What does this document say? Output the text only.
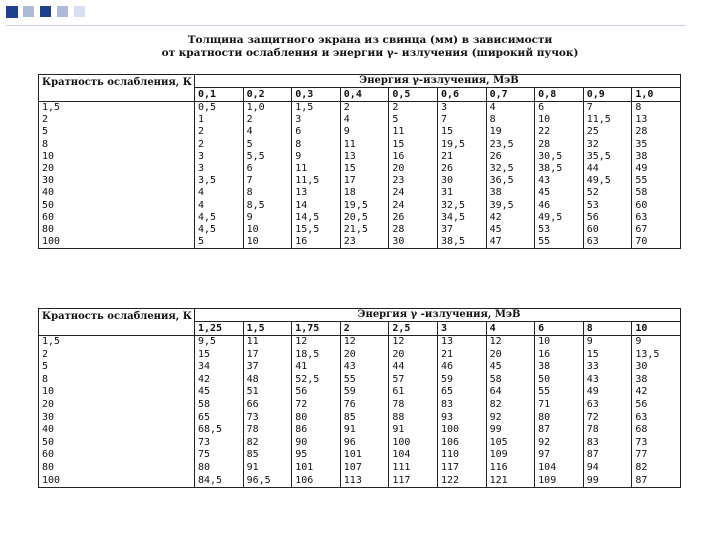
Толщина защитного экрана из свинца (мм) в зависимости
от кратности ослабления и энергии γ- излучения (широкий пучок)
Кратность ослабления, К	Энергия γ-излучения, МэВ									
	0,1	0,2	0,3	0,4	0,5	0,6	0,7	0,8	0,9	1,0
1,5	0,5	1,0	1,5	2	2	3	4	6	7	8
2	1	2	3	4	5	7	8	10	11,5	13
5	2	4	6	9	11	15	19	22	25	28
8	2	5	8	11	15	19,5	23,5	28	32	35
10	3	5,5	9	13	16	21	26	30,5	35,5	38
20	3	6	11	15	20	26	32,5	38,5	44	49
30	3,5	7	11,5	17	23	30	36,5	43	49,5	55
40	4	8	13	18	24	31	38	45	52	58
50	4	8,5	14	19,5	24	32,5	39,5	46	53	60
60	4,5	9	14,5	20,5	26	34,5	42	49,5	56	63
80	4,5	10	15,5	21,5	28	37	45	53	60	67
100	5	10	16	23	30	38,5	47	55	63	70
Кратность ослабления, К	Энергия γ -излучения, МэВ									
	1,25	1,5	1,75	2	2,5	3	4	6	8	10
1,5	9,5	11	12	12	12	13	12	10	9	9
2	15	17	18,5	20	20	21	20	16	15	13,5
5	34	37	41	43	44	46	45	38	33	30
8	42	48	52,5	55	57	59	58	50	43	38
10	45	51	56	59	61	65	64	55	49	42
20	58	66	72	76	78	83	82	71	63	56
30	65	73	80	85	88	93	92	80	72	63
40	68,5	78	86	91	91	100	99	87	78	68
50	73	82	90	96	100	106	105	92	83	73
60	75	85	95	101	104	110	109	97	87	77
80	80	91	101	107	111	117	116	104	94	82
100	84,5	96,5	106	113	117	122	121	109	99	87
